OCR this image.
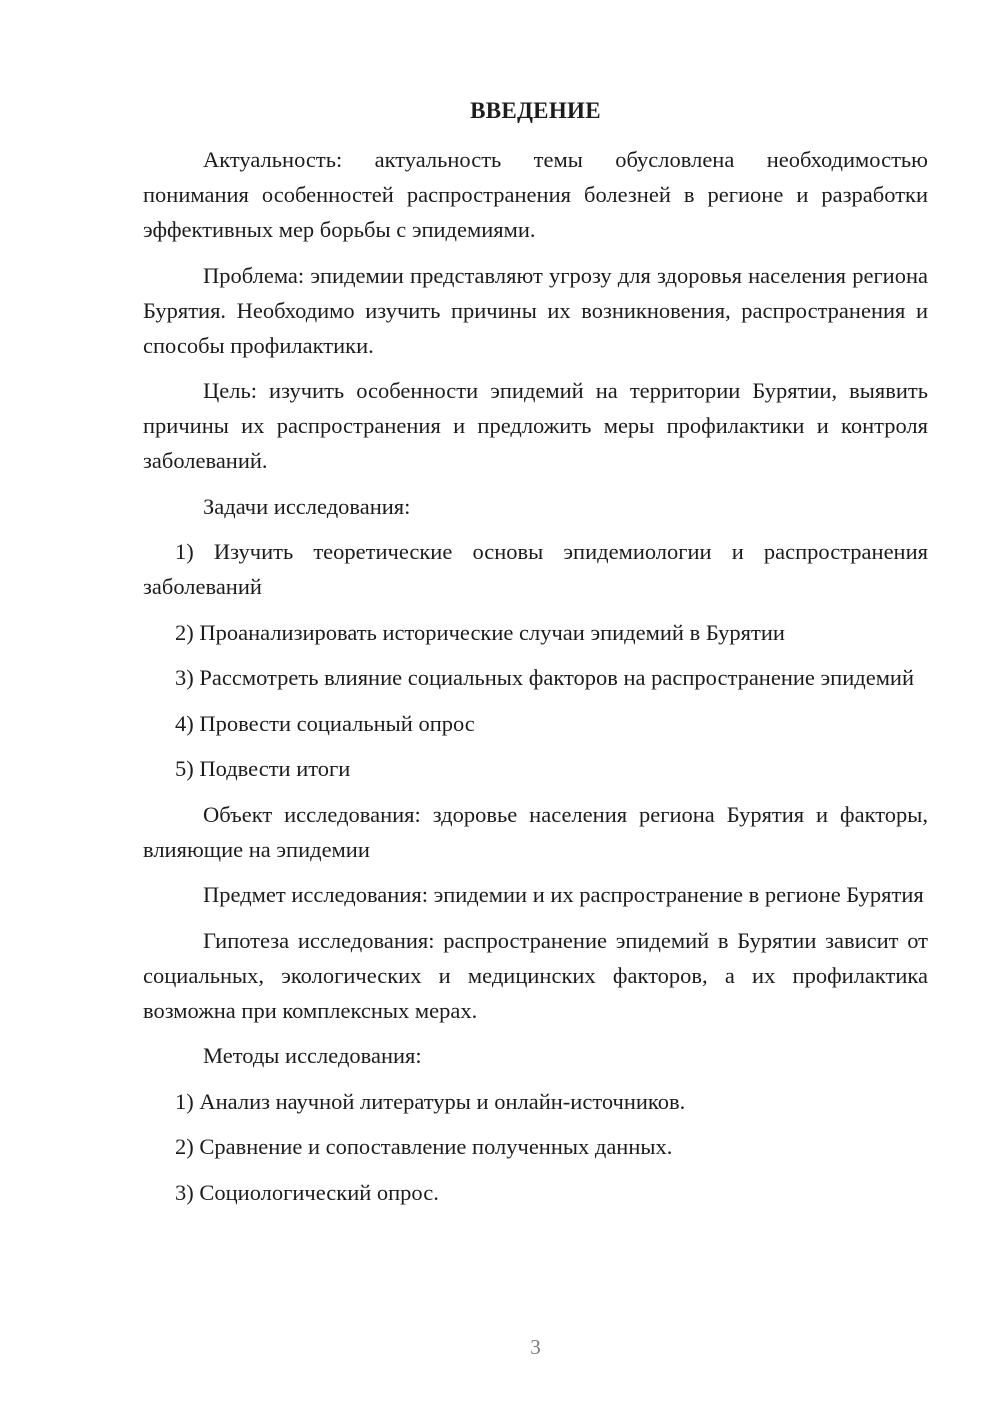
ВВЕДЕНИЕ

Актуальность: актуальность темы обусловлена необходимостью понимания особенностей распространения болезней в регионе и разработки эффективных мер борьбы с эпидемиями.

Проблема: эпидемии представляют угрозу для здоровья населения региона Бурятия. Необходимо изучить причины их возникновения, распространения и способы профилактики.

Цель: изучить особенности эпидемий на территории Бурятии, выявить причины их распространения и предложить меры профилактики и контроля заболеваний.

Задачи исследования:

1) Изучить теоретические основы эпидемиологии и распространения заболеваний

2) Проанализировать исторические случаи эпидемий в Бурятии

3) Рассмотреть влияние социальных факторов на распространение эпидемий

4) Провести социальный опрос

5) Подвести итоги

Объект исследования: здоровье населения региона Бурятия и факторы, влияющие на эпидемии

Предмет исследования: эпидемии и их распространение в регионе Бурятия

Гипотеза исследования: распространение эпидемий в Бурятии зависит от социальных, экологических и медицинских факторов, а их профилактика возможна при комплексных мерах.

Методы исследования:

1) Анализ научной литературы и онлайн-источников.

2) Сравнение и сопоставление полученных данных.

3) Социологический опрос.

3
